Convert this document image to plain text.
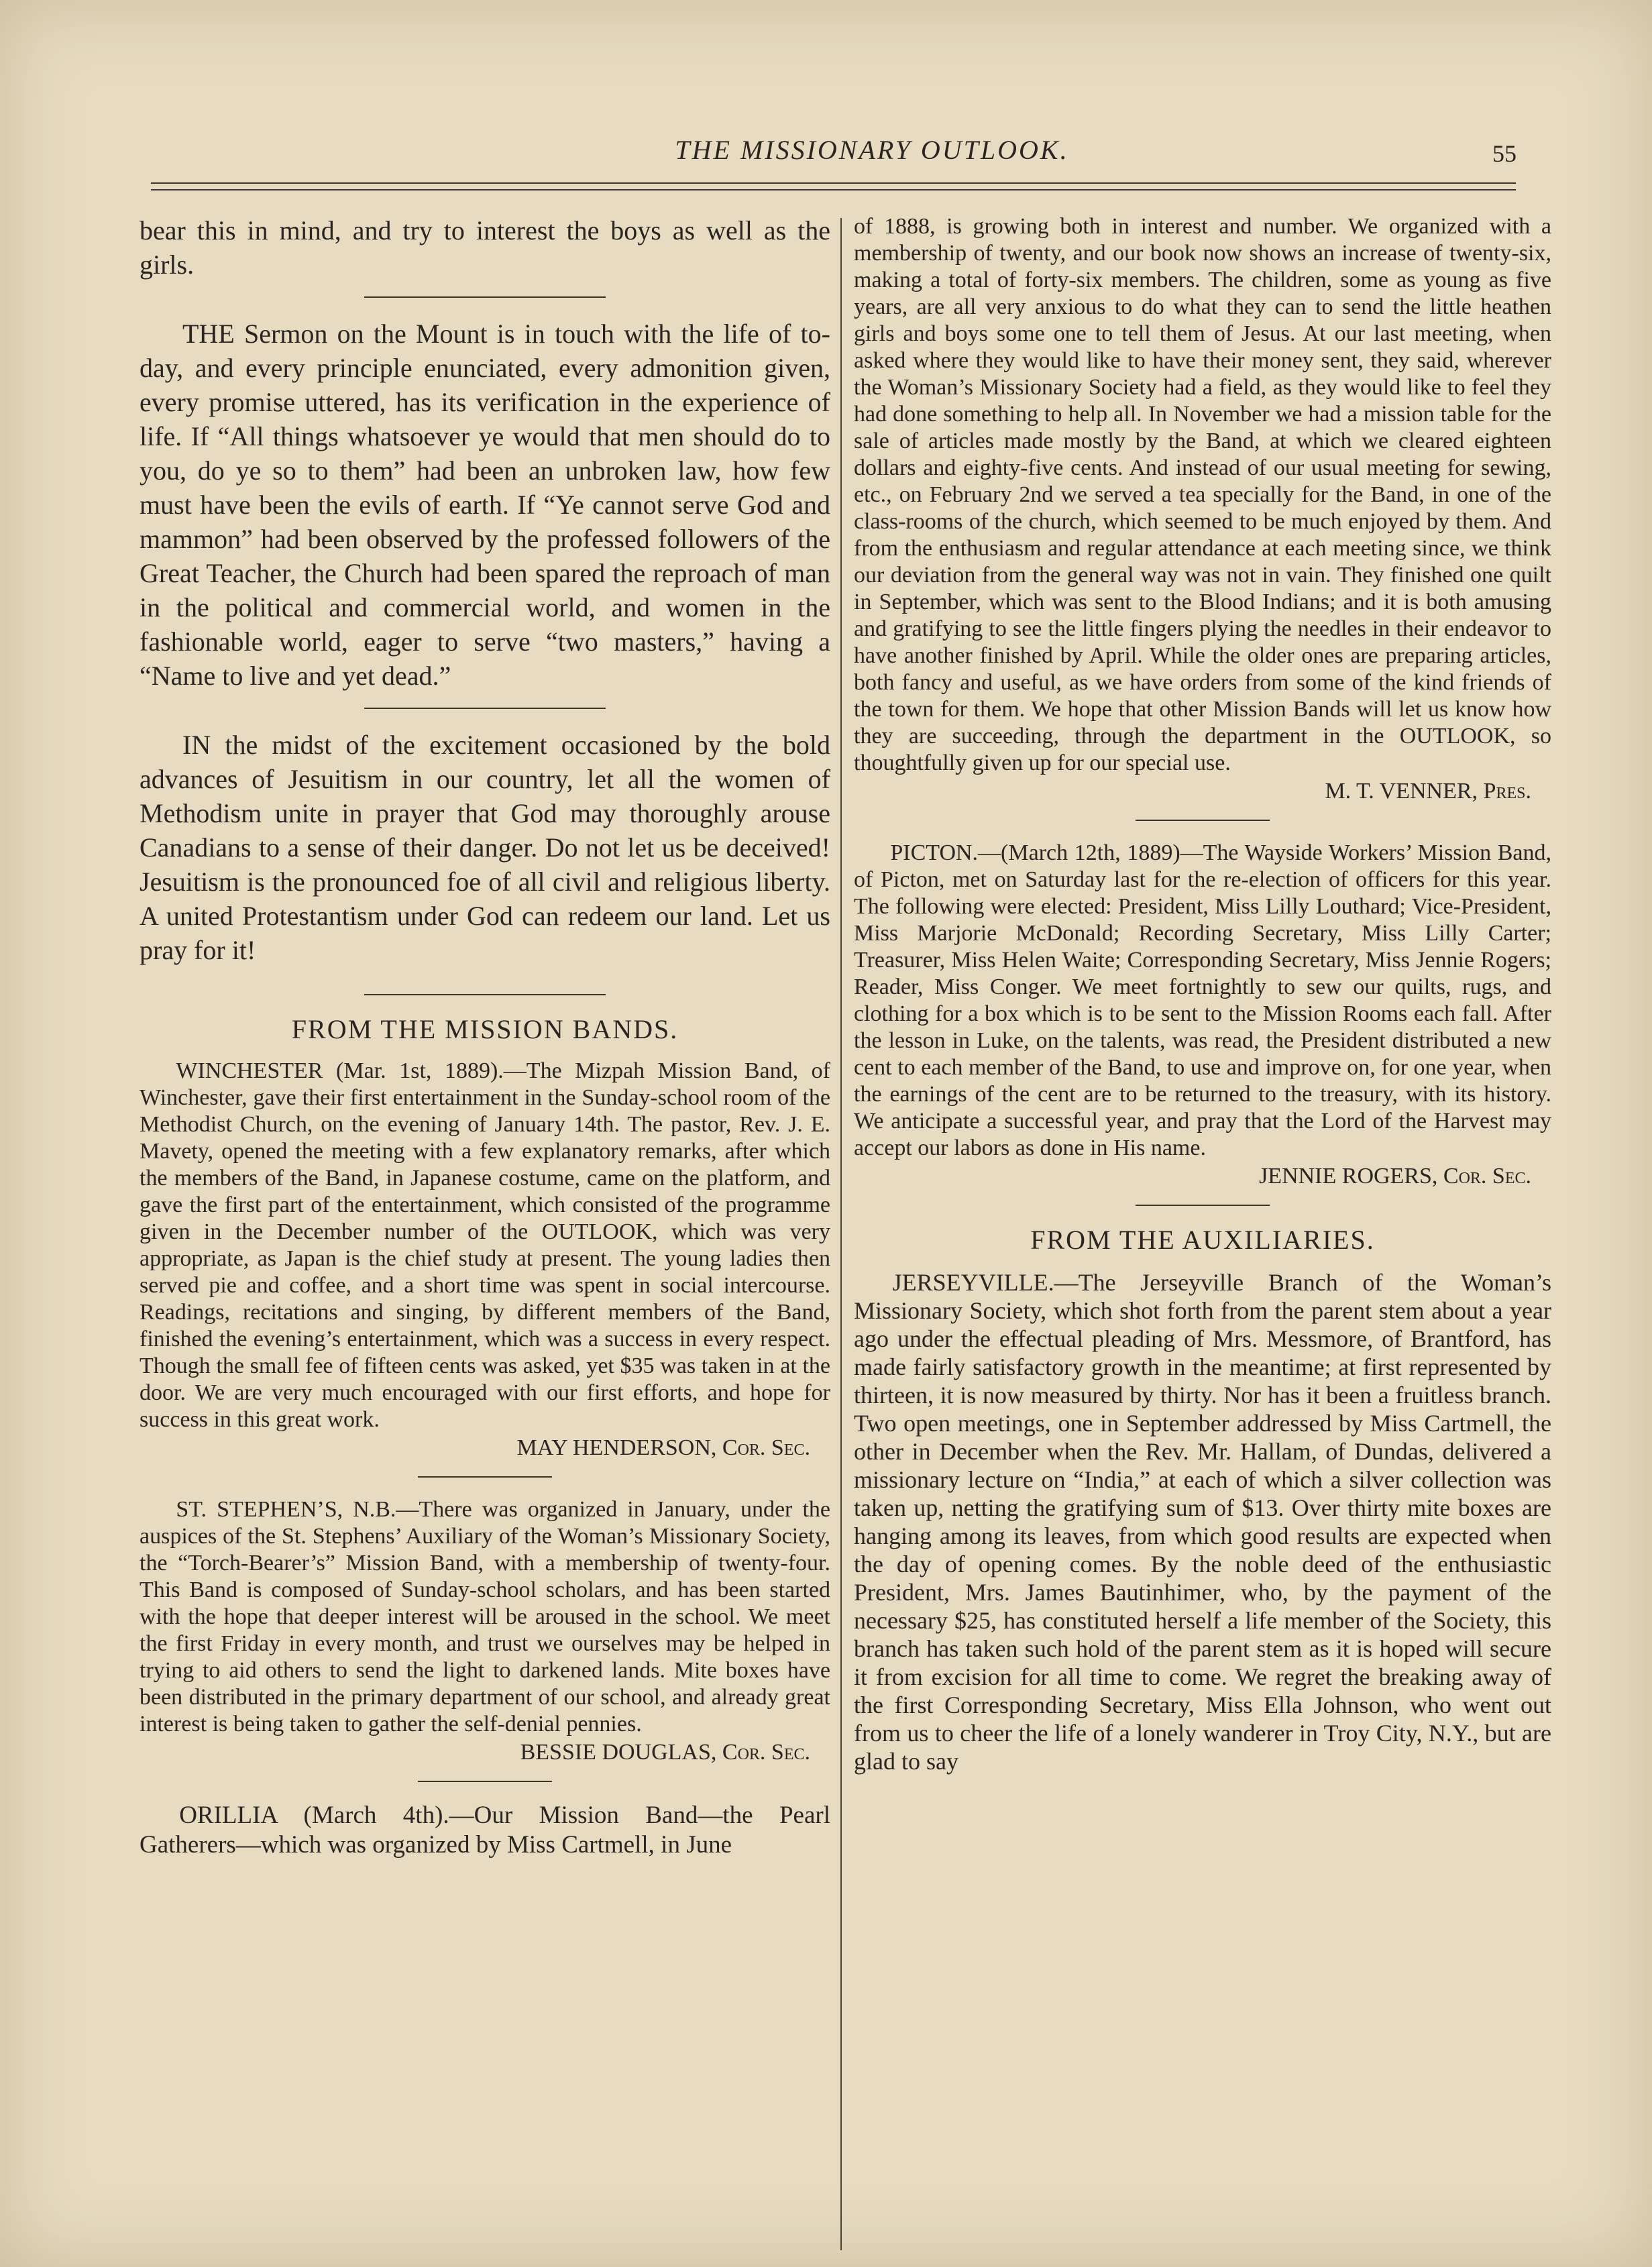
THE MISSIONARY OUTLOOK.	55

bear this in mind, and try to interest the boys as well as the girls.

THE Sermon on the Mount is in touch with the life of to-day, and every principle enunciated, every admonition given, every promise uttered, has its verification in the experience of life. If “All things whatsoever ye would that men should do to you, do ye so to them” had been an unbroken law, how few must have been the evils of earth. If “Ye cannot serve God and mammon” had been observed by the professed followers of the Great Teacher, the Church had been spared the reproach of man in the political and commercial world, and women in the fashionable world, eager to serve “two masters,” having a “Name to live and yet dead.”

IN the midst of the excitement occasioned by the bold advances of Jesuitism in our country, let all the women of Methodism unite in prayer that God may thoroughly arouse Canadians to a sense of their danger. Do not let us be deceived! Jesuitism is the pronounced foe of all civil and religious liberty. A united Protestantism under God can redeem our land. Let us pray for it!

FROM THE MISSION BANDS.

WINCHESTER (Mar. 1st, 1889).—The Mizpah Mission Band, of Winchester, gave their first entertainment in the Sunday-school room of the Methodist Church, on the evening of January 14th. The pastor, Rev. J. E. Mavety, opened the meeting with a few explanatory remarks, after which the members of the Band, in Japanese costume, came on the platform, and gave the first part of the entertainment, which consisted of the programme given in the December number of the OUTLOOK, which was very appropriate, as Japan is the chief study at present. The young ladies then served pie and coffee, and a short time was spent in social intercourse. Readings, recitations and singing, by different members of the Band, finished the evening’s entertainment, which was a success in every respect. Though the small fee of fifteen cents was asked, yet $35 was taken in at the door. We are very much encouraged with our first efforts, and hope for success in this great work.

MAY HENDERSON, Cor. Sec.

ST. STEPHEN’S, N.B.—There was organized in January, under the auspices of the St. Stephens’ Auxiliary of the Woman’s Missionary Society, the “Torch-Bearer’s” Mission Band, with a membership of twenty-four. This Band is composed of Sunday-school scholars, and has been started with the hope that deeper interest will be aroused in the school. We meet the first Friday in every month, and trust we ourselves may be helped in trying to aid others to send the light to darkened lands. Mite boxes have been distributed in the primary department of our school, and already great interest is being taken to gather the self-denial pennies.

BESSIE DOUGLAS, Cor. Sec.

ORILLIA (March 4th).—Our Mission Band—the Pearl Gatherers—which was organized by Miss Cartmell, in June

of 1888, is growing both in interest and number. We organized with a membership of twenty, and our book now shows an increase of twenty-six, making a total of forty-six members. The children, some as young as five years, are all very anxious to do what they can to send the little heathen girls and boys some one to tell them of Jesus. At our last meeting, when asked where they would like to have their money sent, they said, wherever the Woman’s Missionary Society had a field, as they would like to feel they had done something to help all. In November we had a mission table for the sale of articles made mostly by the Band, at which we cleared eighteen dollars and eighty-five cents. And instead of our usual meeting for sewing, etc., on February 2nd we served a tea specially for the Band, in one of the class-rooms of the church, which seemed to be much enjoyed by them. And from the enthusiasm and regular attendance at each meeting since, we think our deviation from the general way was not in vain. They finished one quilt in September, which was sent to the Blood Indians; and it is both amusing and gratifying to see the little fingers plying the needles in their endeavor to have another finished by April. While the older ones are preparing articles, both fancy and useful, as we have orders from some of the kind friends of the town for them. We hope that other Mission Bands will let us know how they are succeeding, through the department in the OUTLOOK, so thoughtfully given up for our special use.

M. T. VENNER, Pres.

PICTON.—(March 12th, 1889)—The Wayside Workers’ Mission Band, of Picton, met on Saturday last for the re-election of officers for this year. The following were elected: President, Miss Lilly Louthard; Vice-President, Miss Marjorie McDonald; Recording Secretary, Miss Lilly Carter; Treasurer, Miss Helen Waite; Corresponding Secretary, Miss Jennie Rogers; Reader, Miss Conger. We meet fortnightly to sew our quilts, rugs, and clothing for a box which is to be sent to the Mission Rooms each fall. After the lesson in Luke, on the talents, was read, the President distributed a new cent to each member of the Band, to use and improve on, for one year, when the earnings of the cent are to be returned to the treasury, with its history. We anticipate a successful year, and pray that the Lord of the Harvest may accept our labors as done in His name.

JENNIE ROGERS, Cor. Sec.

FROM THE AUXILIARIES.

JERSEYVILLE.—The Jerseyville Branch of the Woman’s Missionary Society, which shot forth from the parent stem about a year ago under the effectual pleading of Mrs. Messmore, of Brantford, has made fairly satisfactory growth in the meantime; at first represented by thirteen, it is now measured by thirty. Nor has it been a fruitless branch. Two open meetings, one in September addressed by Miss Cartmell, the other in December when the Rev. Mr. Hallam, of Dundas, delivered a missionary lecture on “India,” at each of which a silver collection was taken up, netting the gratifying sum of $13. Over thirty mite boxes are hanging among its leaves, from which good results are expected when the day of opening comes. By the noble deed of the enthusiastic President, Mrs. James Bautinhimer, who, by the payment of the necessary $25, has constituted herself a life member of the Society, this branch has taken such hold of the parent stem as it is hoped will secure it from excision for all time to come. We regret the breaking away of the first Corresponding Secretary, Miss Ella Johnson, who went out from us to cheer the life of a lonely wanderer in Troy City, N.Y., but are glad to say
